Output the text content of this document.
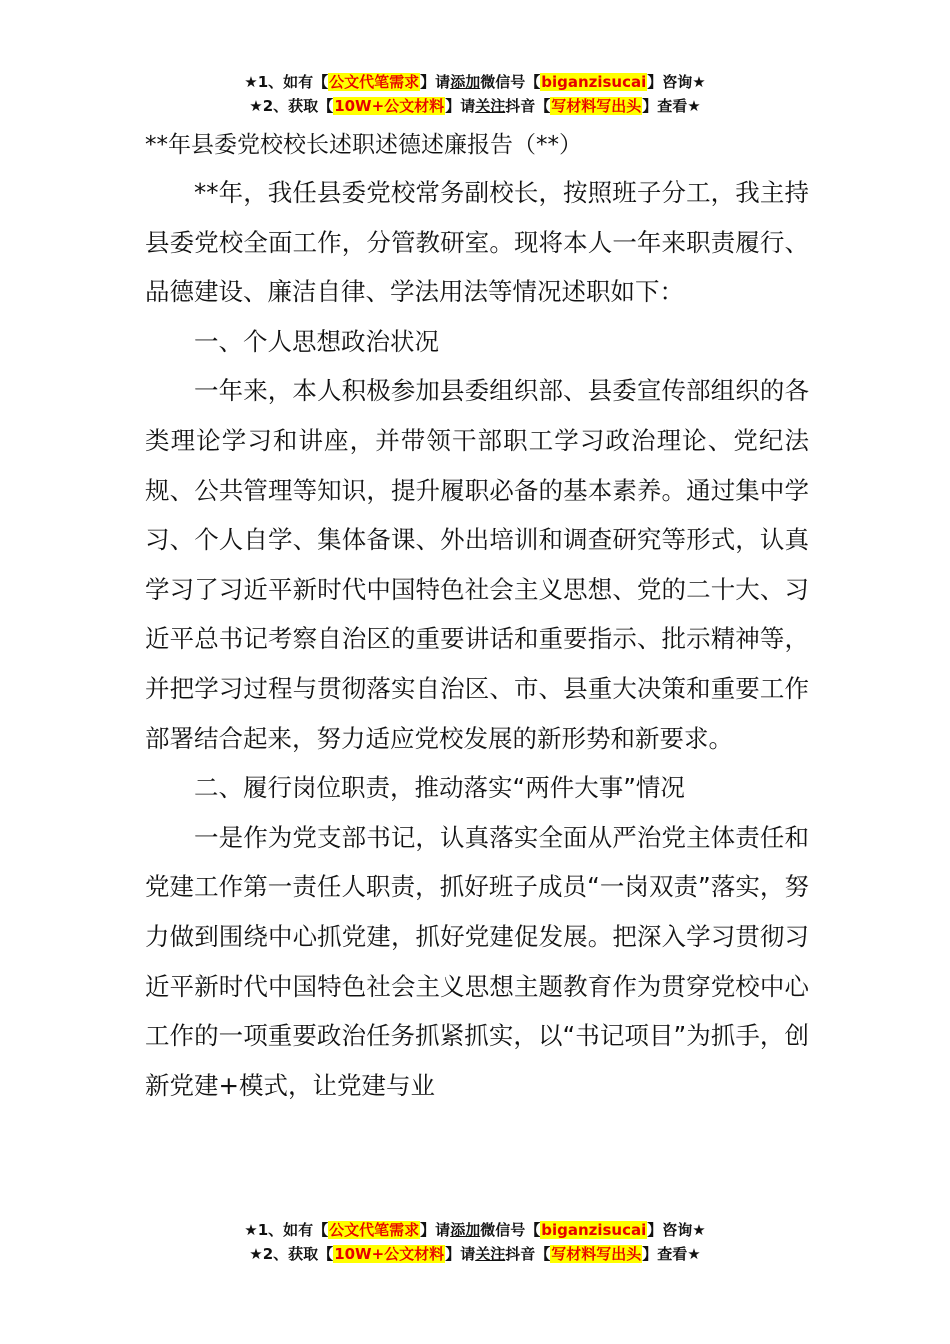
★1、如有【公文代笔需求】请添加微信号【biganzisucai】咨询★
★2、获取【10W+公文材料】请关注抖音【写材料写出头】查看★
**年县委党校校长述职述德述廉报告（**）

**年，我任县委党校常务副校长，按照班子分工，我主持县委党校全面工作，分管教研室。现将本人一年来职责履行、品德建设、廉洁自律、学法用法等情况述职如下：

一、个人思想政治状况

一年来，本人积极参加县委组织部、县委宣传部组织的各类理论学习和讲座，并带领干部职工学习政治理论、党纪法规、公共管理等知识，提升履职必备的基本素养。通过集中学习、个人自学、集体备课、外出培训和调查研究等形式，认真学习了习近平新时代中国特色社会主义思想、党的二十大、习近平总书记考察自治区的重要讲话和重要指示、批示精神等，并把学习过程与贯彻落实自治区、市、县重大决策和重要工作部署结合起来，努力适应党校发展的新形势和新要求。

二、履行岗位职责，推动落实“两件大事”情况

一是作为党支部书记，认真落实全面从严治党主体责任和党建工作第一责任人职责，抓好班子成员“一岗双责”落实，努力做到围绕中心抓党建，抓好党建促发展。把深入学习贯彻习近平新时代中国特色社会主义思想主题教育作为贯穿党校中心工作的一项重要政治任务抓紧抓实，以“书记项目”为抓手，创新党建+模式，让党建与业

★1、如有【公文代笔需求】请添加微信号【biganzisucai】咨询★
★2、获取【10W+公文材料】请关注抖音【写材料写出头】查看★
